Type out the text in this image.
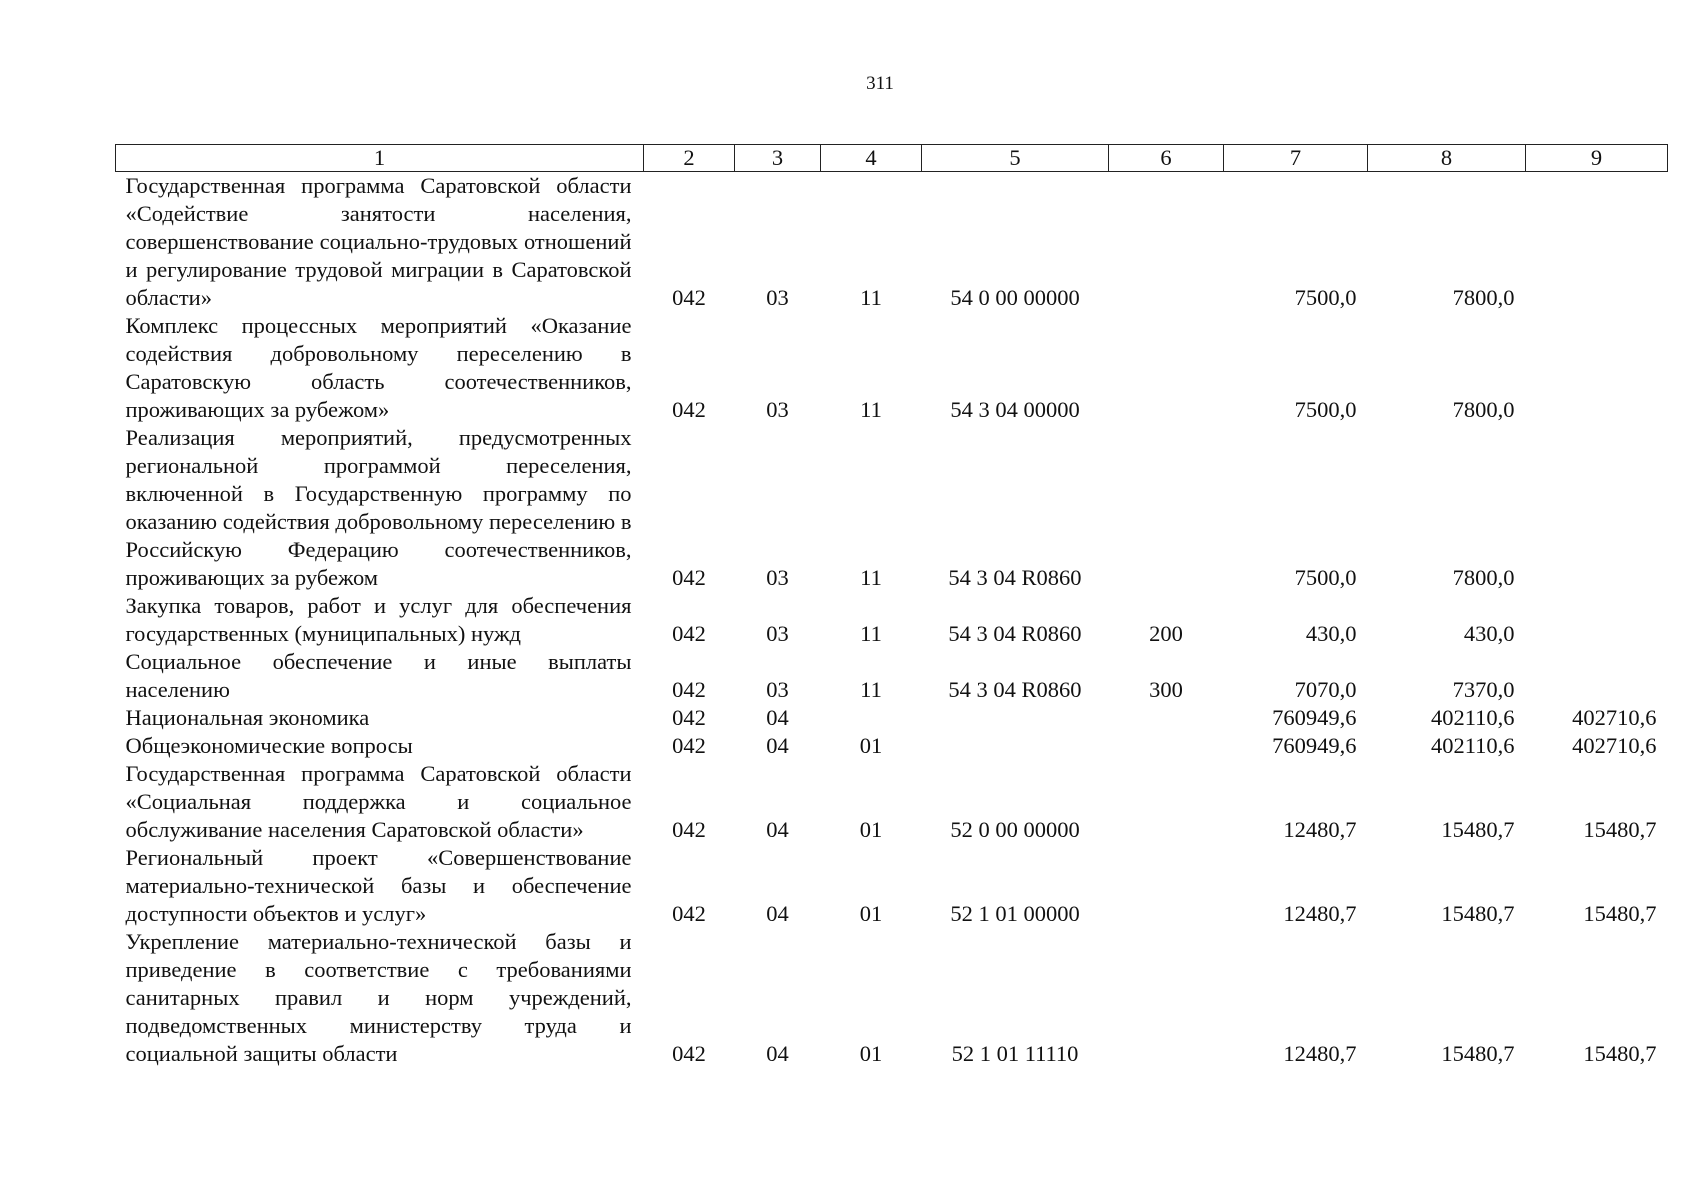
311
1	2	3	4	5	6	7	8	9
Государственная программа Саратовской области «Содействие занятости населения, совершенствование социально-трудовых отношений и регулирование трудовой миграции в Саратовской области»	042	03	11	54 0 00 00000		7500,0	7800,0	
Комплекс процессных мероприятий «Оказание содействия добровольному переселению в Саратовскую область соотечественников, проживающих за рубежом»	042	03	11	54 3 04 00000		7500,0	7800,0	
Реализация мероприятий, предусмотренных региональной программой переселения, включенной в Государственную программу по оказанию содействия добровольному переселению в Российскую Федерацию соотечественников, проживающих за рубежом	042	03	11	54 3 04 R0860		7500,0	7800,0	
Закупка товаров, работ и услуг для обеспечения государственных (муниципальных) нужд	042	03	11	54 3 04 R0860	200	430,0	430,0	
Социальное обеспечение и иные выплаты населению	042	03	11	54 3 04 R0860	300	7070,0	7370,0	
Национальная экономика	042	04				760949,6	402110,6	402710,6
Общеэкономические вопросы	042	04	01			760949,6	402110,6	402710,6
Государственная программа Саратовской области «Социальная поддержка и социальное обслуживание населения Саратовской области»	042	04	01	52 0 00 00000		12480,7	15480,7	15480,7
Региональный проект «Совершенствование материально-технической базы и обеспечение доступности объектов и услуг»	042	04	01	52 1 01 00000		12480,7	15480,7	15480,7
Укрепление материально-технической базы и приведение в соответствие с требованиями санитарных правил и норм учреждений, подведомственных министерству труда и социальной защиты области	042	04	01	52 1 01 11110		12480,7	15480,7	15480,7
